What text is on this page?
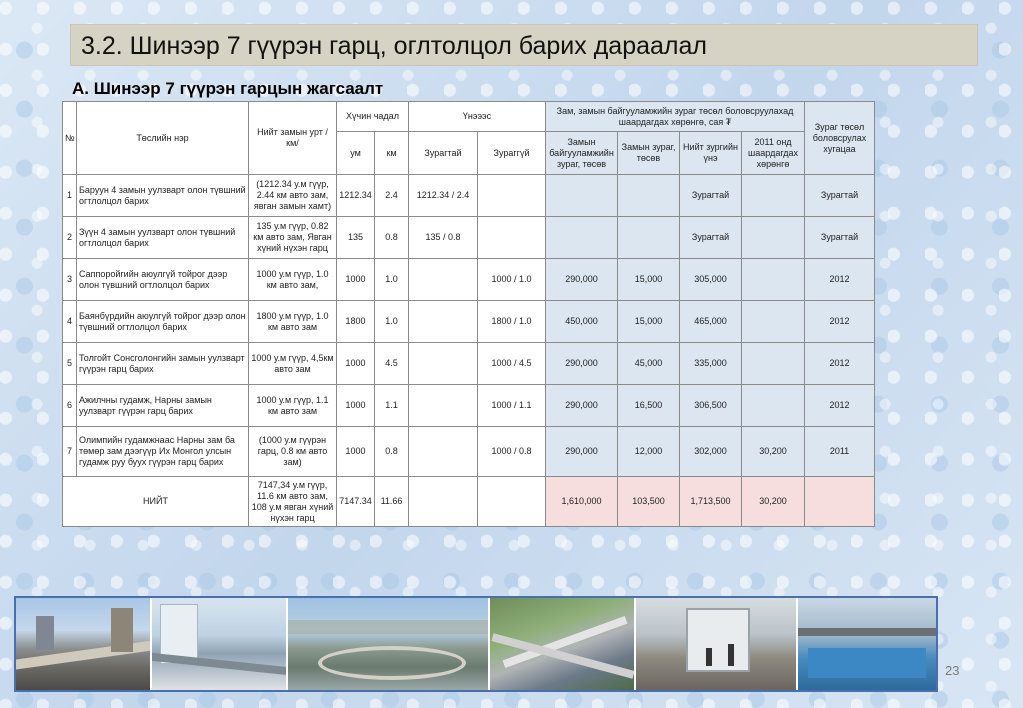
3.2. Шинээр 7 гүүрэн гарц, оглтолцол барих дараалал
А. Шинээр 7 гүүрэн гарцын жагсаалт
№	Төслийн нэр	Нийт замын урт /км/	Хүчин чадал		Үнэээс		Зам, замын байгууламжийн зураг төсөл боловсруулахад шаардагдах хөрөнгө, сая ₮				Зураг төсөл боловсрулах хугацаа
			ум	км	Зурагтай	Зураггүй	Замын байгууламжийн зураг, төсөв	Замын зураг, төсөв	Нийт зургийн үнэ	2011 онд шаардагдах хөрөнгө	
1	Баруун 4 замын уулзварт олон түвшний огтлолцол барих	(1212.34 у.м гүүр, 2.44 км авто зам, явган замын хамт)	1212.34	2.4	1212.34 / 2.4				Зурагтай		Зурагтай
2	Зүүн 4 замын уулзварт олон түвшний огтлолцол барих	135 у.м гүүр, 0.82 км авто зам, Явган хүний нүхэн гарц	135	0.8	135 / 0.8				Зурагтай		Зурагтай
3	Саппоройгийн аюулгүй тойрог дээр олон түвшний огтлолцол барих	1000 у.м гүүр, 1.0 км авто зам,	1000	1.0		1000 / 1.0	290,000	15,000	305,000		2012
4	Баянбүрдийн аюулгүй тойрог дээр олон түвшний огтлолцол барих	1800 у.м гүүр, 1.0 км авто зам	1800	1.0		1800 / 1.0	450,000	15,000	465,000		2012
5	Толгойт Сонсголонгийн замын уулзварт гүүрэн гарц барих	1000 у.м гүүр, 4,5км авто зам	1000	4.5		1000 / 4.5	290,000	45,000	335,000		2012
6	Ажилчны гудамж, Нарны замын уулзварт гүүрэн гарц барих	1000 у.м гүүр, 1.1 км авто зам	1000	1.1		1000 / 1.1	290,000	16,500	306,500		2012
7	Олимпийн гудамжнаас Нарны зам ба төмөр зам дээгүүр Их Монгол улсын гудамж руу буух гүүрэн гарц барих	(1000 у.м гүүрэн гарц, 0.8 км авто зам)	1000	0.8		1000 / 0.8	290,000	12,000	302,000	30,200	2011
НИЙТ		7147,34 у.м гүүр, 11.6 км авто зам, 108 у.м явган хүний нүхэн гарц	7147.34	11.66			1,610,000	103,500	1,713,500	30,200	
23
